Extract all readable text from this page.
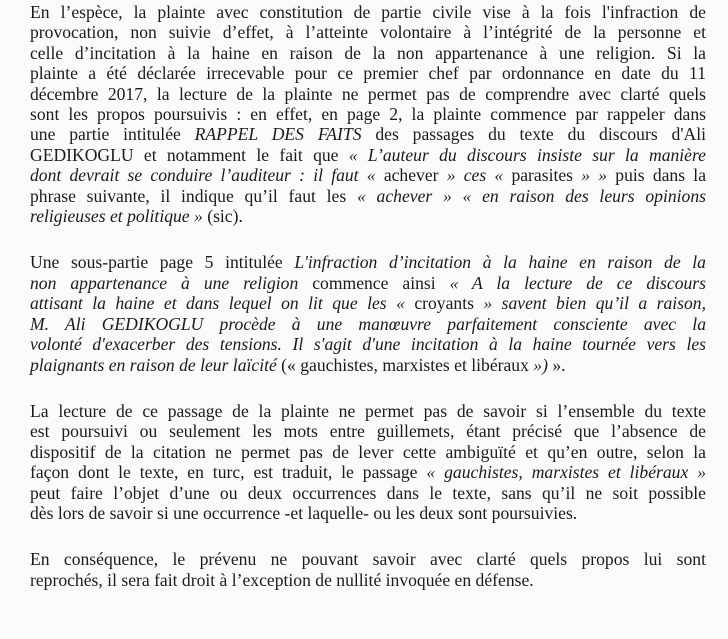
En l’espèce, la plainte avec constitution de partie civile vise à la fois l'infraction de
provocation, non suivie d’effet, à l’atteinte volontaire à l’intégrité de la personne et
celle d’incitation à la haine en raison de la non appartenance à une religion. Si la
plainte a été déclarée irrecevable pour ce premier chef par ordonnance en date du 11
décembre 2017, la lecture de la plainte ne permet pas de comprendre avec clarté quels
sont les propos poursuivis : en effet, en page 2, la plainte commence par rappeler dans
une partie intitulée RAPPEL DES FAITS des passages du texte du discours d'Ali
GEDIKOGLU et notamment le fait que « L’auteur du discours insiste sur la manière
dont devrait se conduire l’auditeur : il faut « achever » ces « parasites » » puis dans la
phrase suivante, il indique qu’il faut les « achever » « en raison des leurs opinions
religieuses et politique » (sic).
Une sous-partie page 5 intitulée L'infraction d’incitation à la haine en raison de la
non appartenance à une religion commence ainsi « A la lecture de ce discours
attisant la haine et dans lequel on lit que les « croyants » savent bien qu’il a raison,
M. Ali GEDIKOGLU procède à une manœuvre parfaitement consciente avec la
volonté d'exacerber des tensions. Il s'agit d'une incitation à la haine tournée vers les
plaignants en raison de leur laïcité (« gauchistes, marxistes et libéraux ») ».
La lecture de ce passage de la plainte ne permet pas de savoir si l’ensemble du texte
est poursuivi ou seulement les mots entre guillemets, étant précisé que l’absence de
dispositif de la citation ne permet pas de lever cette ambiguïté et qu’en outre, selon la
façon dont le texte, en turc, est traduit, le passage « gauchistes, marxistes et libéraux »
peut faire l’objet d’une ou deux occurrences dans le texte, sans qu’il ne soit possible
dès lors de savoir si une occurrence -et laquelle- ou les deux sont poursuivies.
En conséquence, le prévenu ne pouvant savoir avec clarté quels propos lui sont
reprochés, il sera fait droit à l’exception de nullité invoquée en défense.
